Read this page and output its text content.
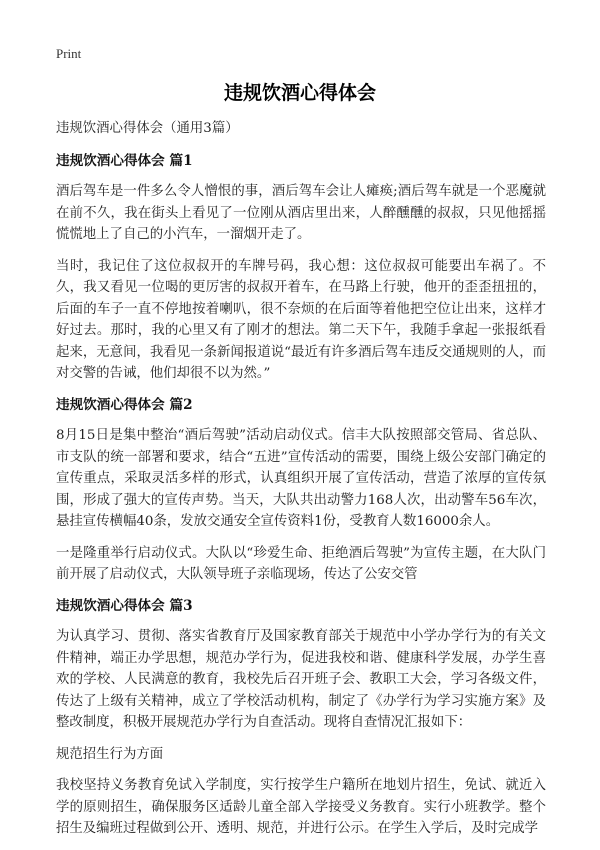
Print
违规饮酒心得体会

违规饮酒心得体会（通用3篇）

违规饮酒心得体会 篇1

酒后驾车是一件多么令人憎恨的事，酒后驾车会让人瘫痪;酒后驾车就是一个恶魔就在前不久，我在街头上看见了一位刚从酒店里出来，人醉醺醺的叔叔，只见他摇摇慌慌地上了自己的小汽车，一溜烟开走了。

当时，我记住了这位叔叔开的车牌号码，我心想：这位叔叔可能要出车祸了。不久，我又看见一位喝的更厉害的叔叔开着车，在马路上行驶，他开的歪歪扭扭的，后面的车子一直不停地按着喇叭，很不奈烦的在后面等着他把空位让出来，这样才好过去。那时，我的心里又有了刚才的想法。第二天下午，我随手拿起一张报纸看起来，无意间，我看见一条新闻报道说“最近有许多酒后驾车违反交通规则的人，而对交警的告诫，他们却很不以为然。”

违规饮酒心得体会 篇2

8月15日是集中整治“酒后驾驶”活动启动仪式。信丰大队按照部交管局、省总队、市支队的统一部署和要求，结合“五进”宣传活动的需要，围绕上级公安部门确定的宣传重点，采取灵活多样的形式，认真组织开展了宣传活动，营造了浓厚的宣传氛围，形成了强大的宣传声势。当天，大队共出动警力168人次，出动警车56车次，悬挂宣传横幅40条，发放交通安全宣传资料1份，受教育人数16000余人。

一是隆重举行启动仪式。大队以“珍爱生命、拒绝酒后驾驶”为宣传主题，在大队门前开展了启动仪式，大队领导班子亲临现场，传达了公安交管

违规饮酒心得体会 篇3

为认真学习、贯彻、落实省教育厅及国家教育部关于规范中小学办学行为的有关文件精神，端正办学思想，规范办学行为，促进我校和谐、健康科学发展，办学生喜欢的学校、人民满意的教育，我校先后召开班子会、教职工大会，学习各级文件，传达了上级有关精神，成立了学校活动机构，制定了《办学行为学习实施方案》及整改制度，积极开展规范办学行为自查活动。现将自查情况汇报如下：

规范招生行为方面

我校坚持义务教育免试入学制度，实行按学生户籍所在地划片招生，免试、就近入学的原则招生，确保服务区适龄儿童全部入学接受义务教育。实行小班教学。整个招生及编班过程做到公开、透明、规范，并进行公示。在学生入学后，及时完成学
